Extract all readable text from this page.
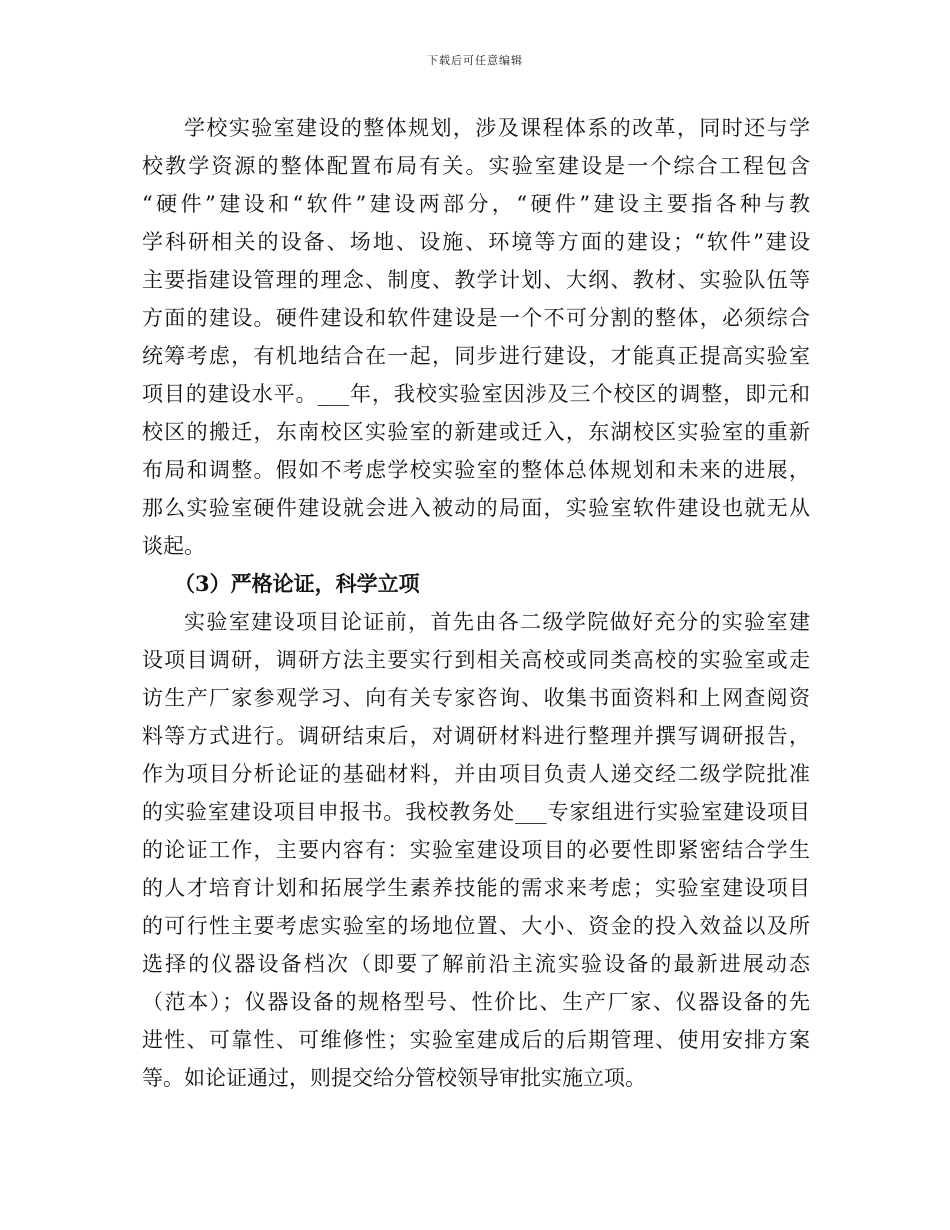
下载后可任意编辑
学校实验室建设的整体规划，涉及课程体系的改革，同时还与学
校教学资源的整体配置布局有关。实验室建设是一个综合工程包含
“硬件”建设和“软件”建设两部分，“硬件”建设主要指各种与教
学科研相关的设备、场地、设施、环境等方面的建设；“软件”建设
主要指建设管理的理念、制度、教学计划、大纲、教材、实验队伍等
方面的建设。硬件建设和软件建设是一个不可分割的整体，必须综合
统筹考虑，有机地结合在一起，同步进行建设，才能真正提高实验室
项目的建设水平。___年，我校实验室因涉及三个校区的调整，即元和
校区的搬迁，东南校区实验室的新建或迁入，东湖校区实验室的重新
布局和调整。假如不考虑学校实验室的整体总体规划和未来的进展，
那么实验室硬件建设就会进入被动的局面，实验室软件建设也就无从
谈起。
（3）严格论证，科学立项
实验室建设项目论证前，首先由各二级学院做好充分的实验室建
设项目调研，调研方法主要实行到相关高校或同类高校的实验室或走
访生产厂家参观学习、向有关专家咨询、收集书面资料和上网查阅资
料等方式进行。调研结束后，对调研材料进行整理并撰写调研报告，
作为项目分析论证的基础材料，并由项目负责人递交经二级学院批准
的实验室建设项目申报书。我校教务处___专家组进行实验室建设项目
的论证工作，主要内容有：实验室建设项目的必要性即紧密结合学生
的人才培育计划和拓展学生素养技能的需求来考虑；实验室建设项目
的可行性主要考虑实验室的场地位置、大小、资金的投入效益以及所
选择的仪器设备档次（即要了解前沿主流实验设备的最新进展动态
（范本）；仪器设备的规格型号、性价比、生产厂家、仪器设备的先
进性、可靠性、可维修性；实验室建成后的后期管理、使用安排方案
等。如论证通过，则提交给分管校领导审批实施立项。
